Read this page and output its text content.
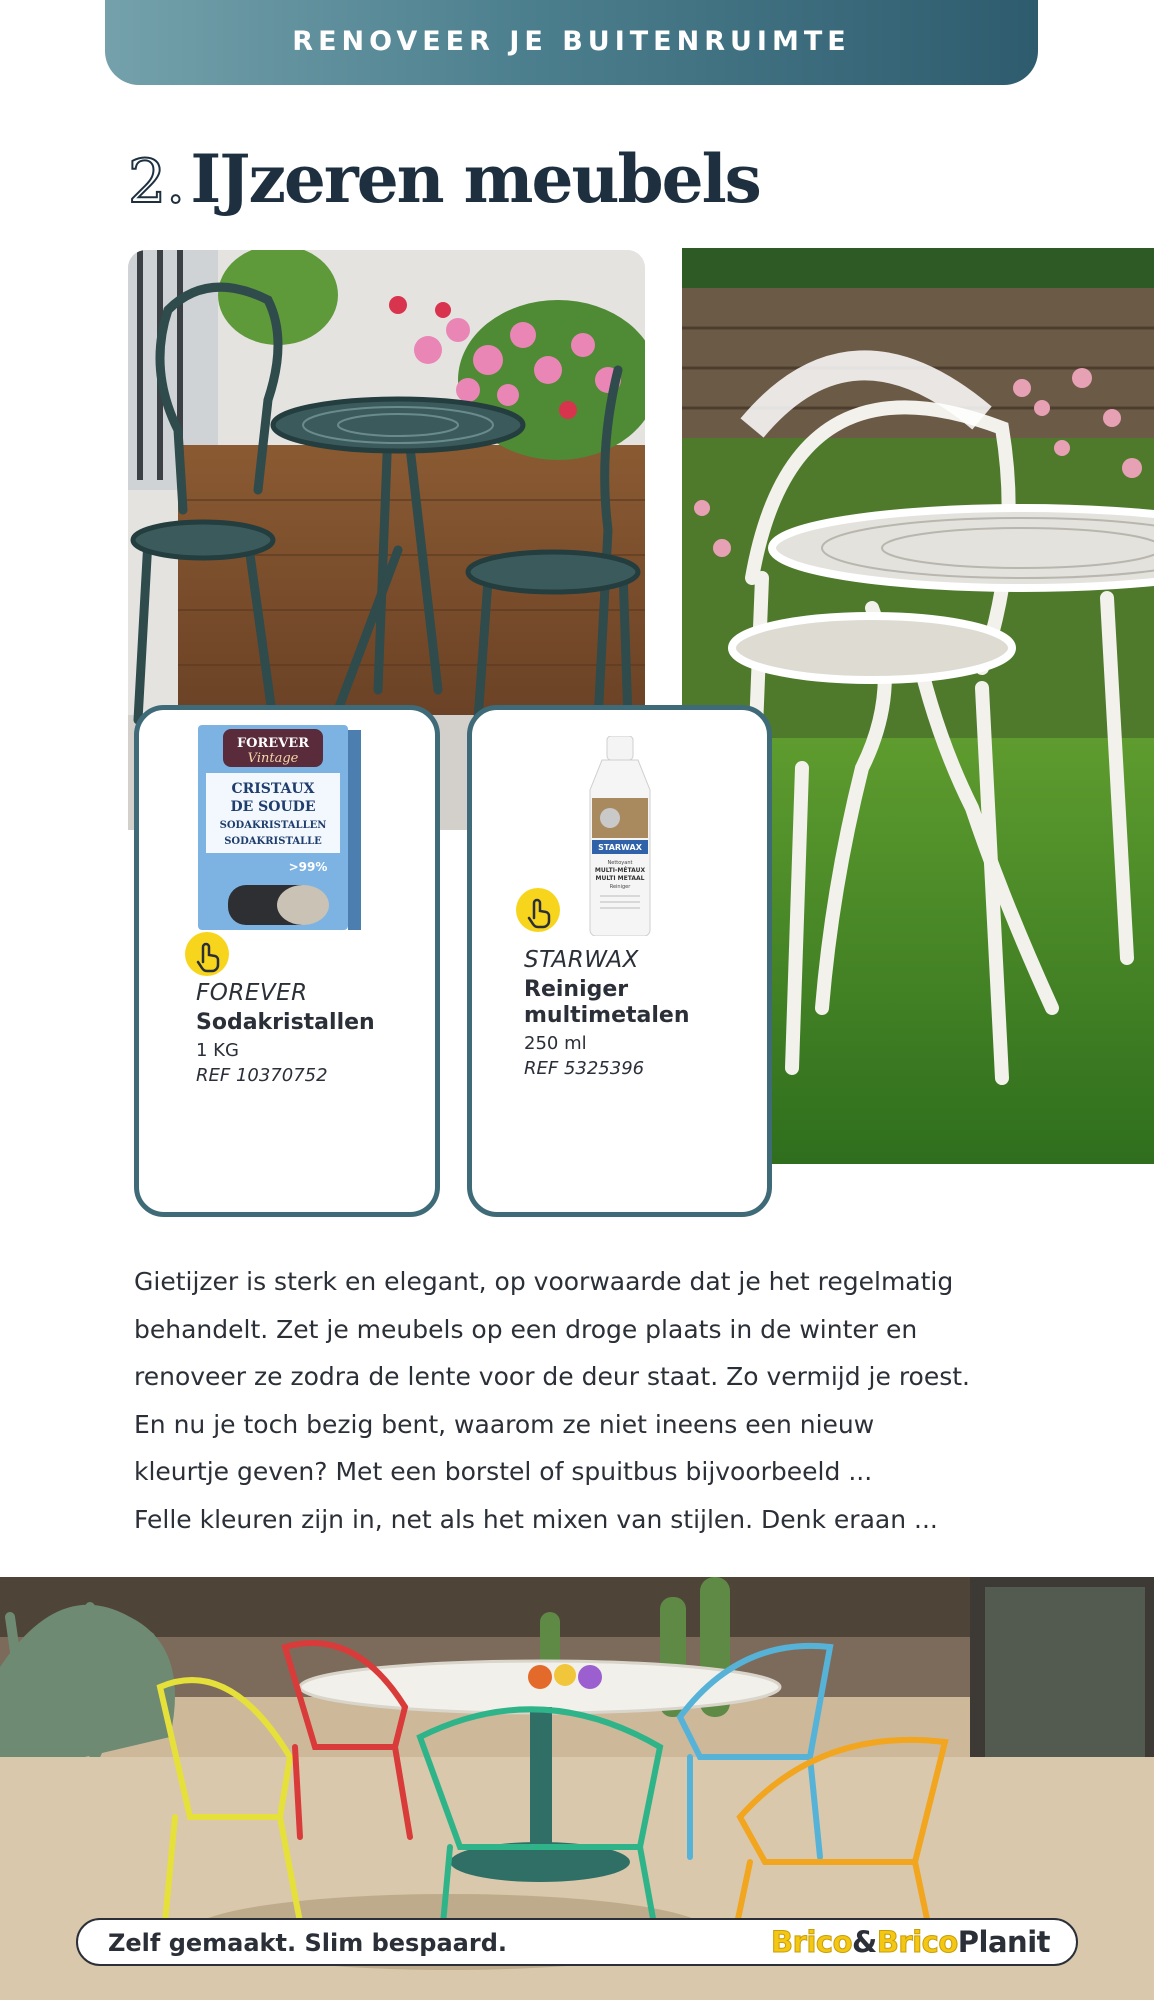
RENOVEER JE BUITENRUIMTE
2. IJzeren meubels
FOREVER
Vintage
CRISTAUX
DE SOUDE
SODAKRISTALLEN
SODAKRISTALLE
>99%
FOREVER
Sodakristallen
1 KG
REF 10370752
STARWAX
Nettoyant
MULTI-MÉTAUX
MULTI METAAL
Reiniger
STARWAX
Reiniger
multimetalen
250 ml
REF 5325396
Gietijzer is sterk en elegant, op voorwaarde dat je het regelmatig
behandelt. Zet je meubels op een droge plaats in de winter en
renoveer ze zodra de lente voor de deur staat. Zo vermijd je roest.
En nu je toch bezig bent, waarom ze niet ineens een nieuw
kleurtje geven? Met een borstel of spuitbus bijvoorbeeld ...
Felle kleuren zijn in, net als het mixen van stijlen. Denk eraan ...
Zelf gemaakt. Slim bespaard.	Brico&BricoPlanit
